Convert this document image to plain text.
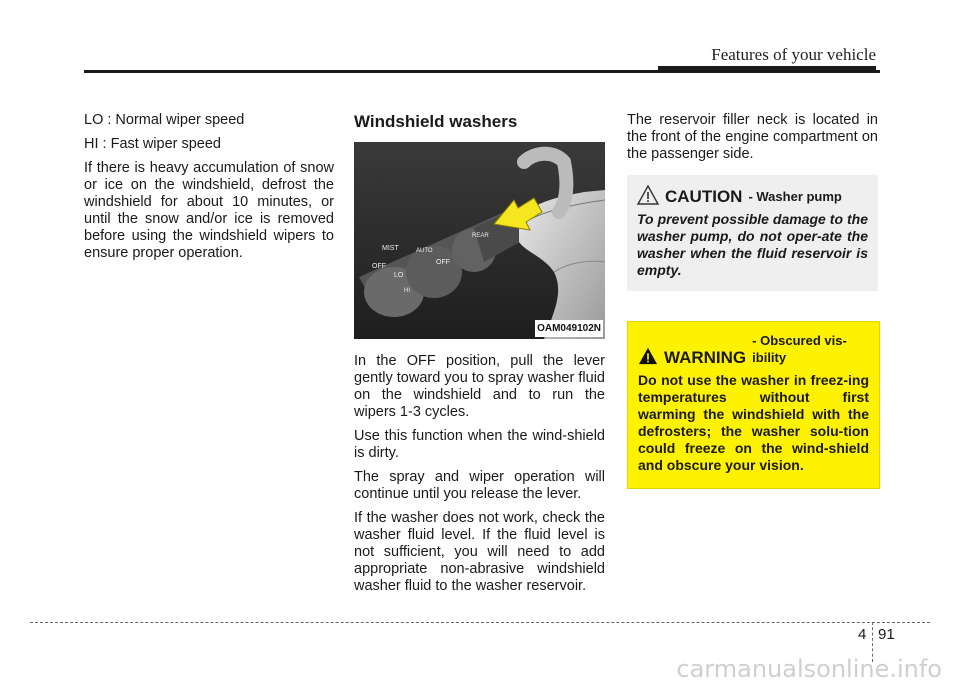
Features of your vehicle

LO : Normal wiper speed

HI : Fast wiper speed

If there is heavy accumulation of snow or ice on the windshield, defrost the windshield for about 10 minutes, or until the snow and/or ice is removed before using the windshield wipers to ensure proper operation.

Windshield washers
MIST
OFF
AUTO
LO
HI
OFF
REAR
OAM049102N

In the OFF position, pull the lever gently toward you to spray washer fluid on the windshield and to run the wipers 1-3 cycles.

Use this function when the wind-shield is dirty.

The spray and wiper operation will continue until you release the lever.

If the washer does not work, check the washer fluid level. If the fluid level is not sufficient, you will need to add appropriate non-abrasive windshield washer fluid to the washer reservoir.

The reservoir filler neck is located in the front of the engine compartment on the passenger side.

CAUTION - Washer pump
To prevent possible damage to the washer pump, do not oper-ate the washer when the fluid reservoir is empty.
WARNING
- Obscured vis-ibility
Do not use the washer in freez-ing temperatures without first warming the windshield with the defrosters; the washer solu-tion could freeze on the wind-shield and obscure your vision.
4 91
carmanualsonline.info
